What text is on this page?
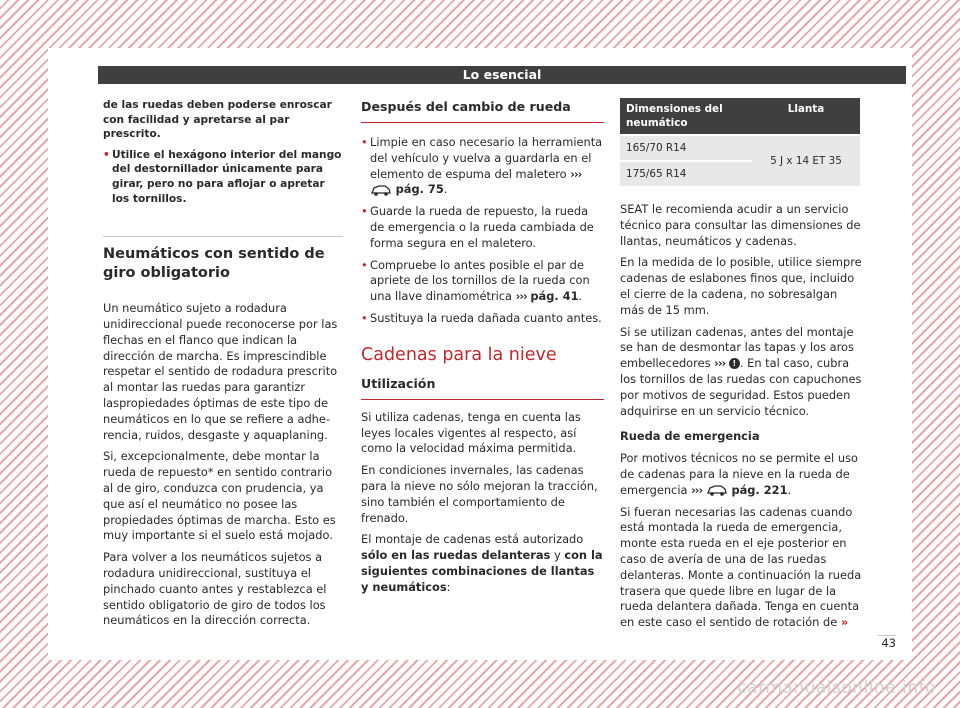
Lo esencial

de las ruedas deben poderse enroscar con facilidad y apretarse al par prescrito.

• Utilice el hexágono interior del mango del destornillador únicamente para girar, pero no para aflojar o apretar los tornillos.

Neumáticos con sentido de giro obligatorio

Un neumático sujeto a rodadura unidireccional puede reconocerse por las flechas en el flanco que indican la dirección de marcha. Es imprescindible respetar el sentido de rodadura prescrito al montar las ruedas para garantizr laspropiedades óptimas de este tipo de neumáticos en lo que se refiere a adherencia, ruidos, desgaste y aquaplaning.

Si, excepcionalmente, debe montar la rueda de repuesto* en sentido contrario al de giro, conduzca con prudencia, ya que así el neumático no posee las propiedades óptimas de marcha. Esto es muy importante si el suelo está mojado.

Para volver a los neumáticos sujetos a rodadura unidireccional, sustituya el pinchado cuanto antes y restablezca el sentido obligatorio de giro de todos los neumáticos en la dirección correcta.

Después del cambio de rueda

• Limpie en caso necesario la herramienta del vehículo y vuelva a guardarla en el elemento de espuma del maletero ›››  pág. 75.

• Guarde la rueda de repuesto, la rueda de emergencia o la rueda cambiada de forma segura en el maletero.

• Compruebe lo antes posible el par de apriete de los tornillos de la rueda con una llave dinamométrica ››› pág. 41.

• Sustituya la rueda dañada cuanto antes.

Cadenas para la nieve
Utilización

Si utiliza cadenas, tenga en cuenta las leyes locales vigentes al respecto, así como la velocidad máxima permitida.

En condiciones invernales, las cadenas para la nieve no sólo mejoran la tracción, sino también el comportamiento de frenado.

El montaje de cadenas está autorizado sólo en las ruedas delanteras y con la siguientes combinaciones de llantas y neumáticos:

Dimensiones del neumático	Llanta
165/70 R14	5 J x 14 ET 35
175/65 R14	

SEAT le recomienda acudir a un servicio técnico para consultar las dimensiones de llantas, neumáticos y cadenas.

En la medida de lo posible, utilice siempre cadenas de eslabones finos que, incluido el cierre de la cadena, no sobresalgan más de 15 mm.

Si se utilizan cadenas, antes del montaje se han de desmontar las tapas y los aros embellecedores ››› ! . En tal caso, cubra los tornillos de las ruedas con capuchones por motivos de seguridad. Estos pueden adquirirse en un servicio técnico.

Rueda de emergencia

Por motivos técnicos no se permite el uso de cadenas para la nieve en la rueda de emergencia ›››	pág. 221.

Si fueran necesarias las cadenas cuando está montada la rueda de emergencia, monte esta rueda en el eje posterior en caso de avería de una de las ruedas delanteras. Monte a continuación la rueda trasera que quede libre en lugar de la rueda delantera dañada. Tenga en cuenta en este caso el sentido de rotación de »

43
carmanualsonline.info
